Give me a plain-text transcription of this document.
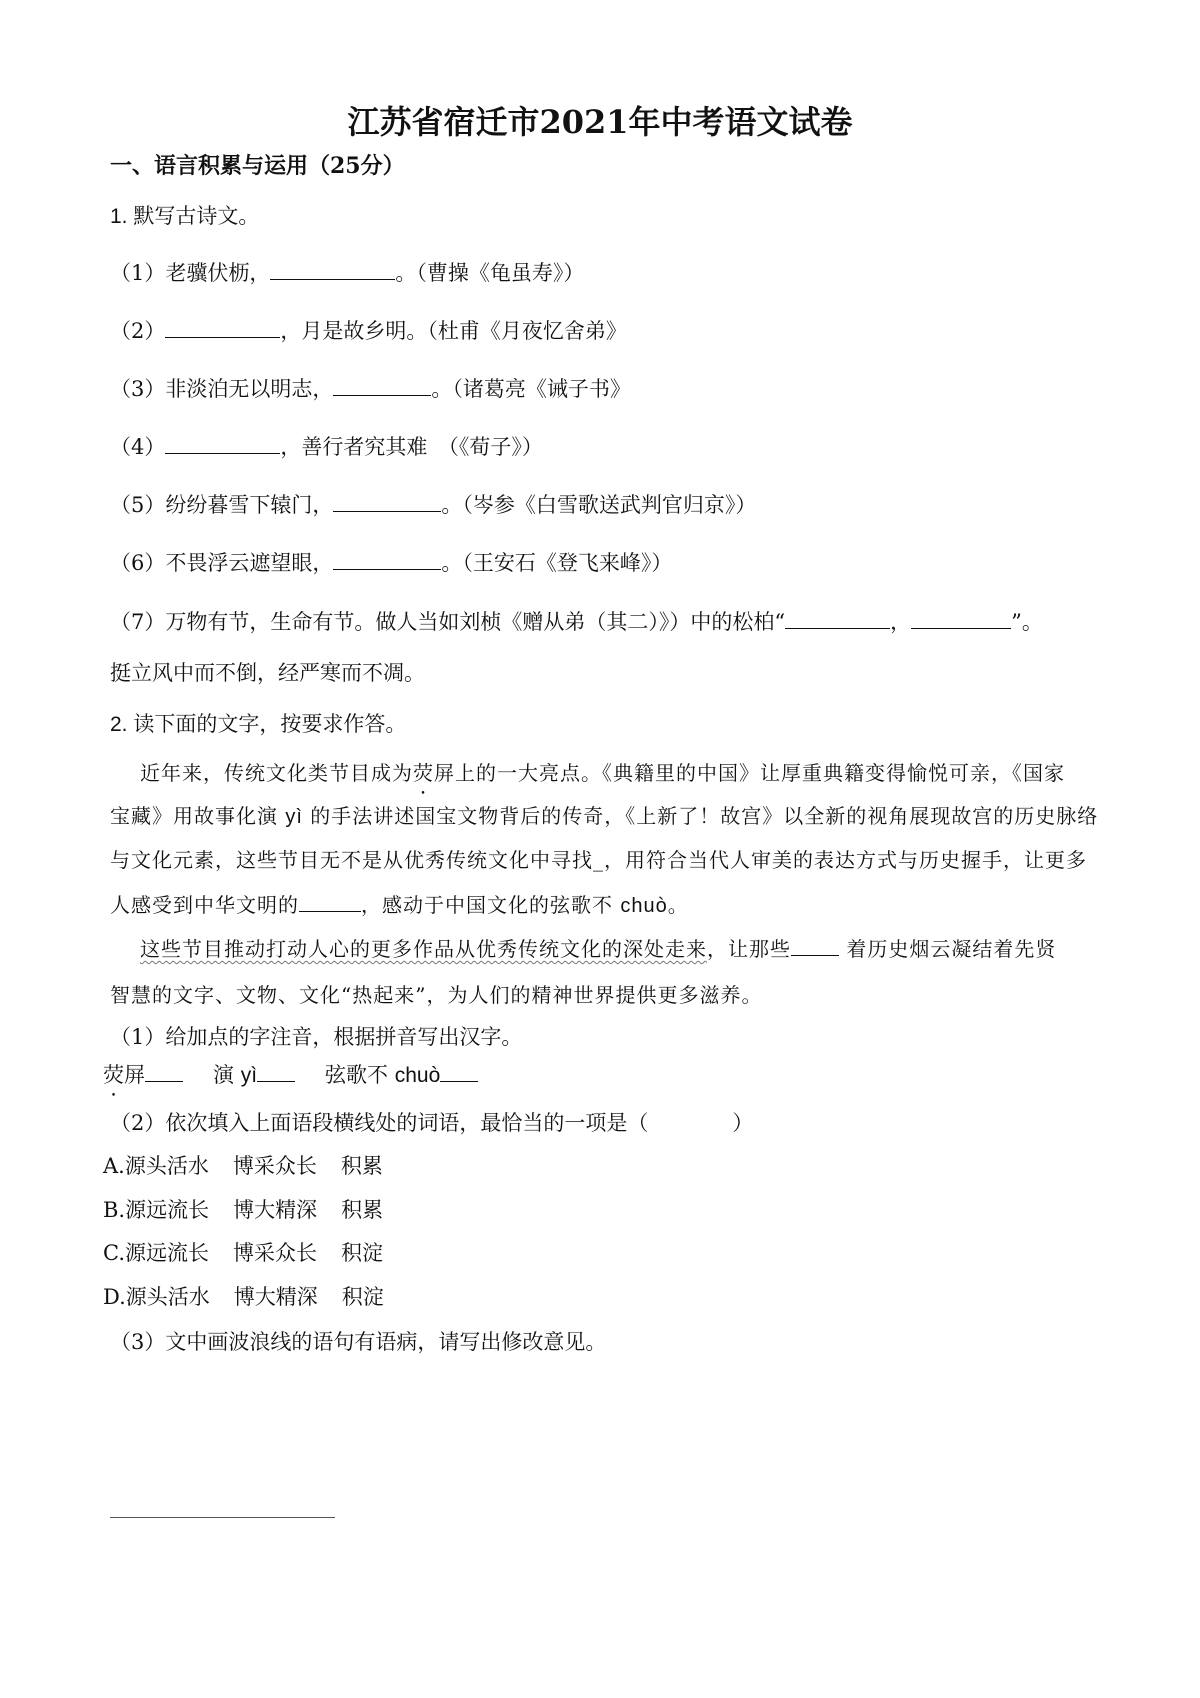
江苏省宿迁市2021年中考语文试卷
一、语言积累与运用（25分）
1. 默写古诗文。
（1）老骥伏枥，	。（曹操《龟虽寿》）
（2）	，月是故乡明。（杜甫《月夜忆舍弟》
（3）非淡泊无以明志，	。（诸葛亮《诫子书》
（4）	，善行者究其难　（《荀子》）
（5）纷纷暮雪下辕门，	。（岑参《白雪歌送武判官归京》）
（6）不畏浮云遮望眼，	。（王安石《登飞来峰》）
（7）万物有节，生命有节。做人当如刘桢《赠从弟（其二）》）中的松柏“	，	”。
挺立风中而不倒，经严寒而不凋。
2. 读下面的文字，按要求作答。
近年来，传统文化类节目成为荧屏上的一大亮点。《典籍里的中国》让厚重典籍变得愉悦可亲，《国家
宝藏》用故事化演 yì 的手法讲述国宝文物背后的传奇，《上新了！故宫》以全新的视角展现故宫的历史脉络
与文化元素，这些节目无不是从优秀传统文化中寻找_，用符合当代人审美的表达方式与历史握手，让更多
人感受到中华文明的	，感动于中国文化的弦歌不 chuò。
这些节目推动打动人心的更多作品从优秀传统文化的深处走来，让那些 着历史烟云凝结着先贤
智慧的文字、文物、文化“热起来”，为人们的精神世界提供更多滋养。
（1）给加点的字注音，根据拼音写出汉字。
荧屏	演 yì	弦歌不 chuò
（2）依次填入上面语段横线处的词语，最恰当的一项是（　　　　）
A.源头活水 博采众长 积累
B.源远流长 博大精深 积累
C.源远流长 博采众长 积淀
D.源头活水 博大精深 积淀
（3）文中画波浪线的语句有语病，请写出修改意见。
